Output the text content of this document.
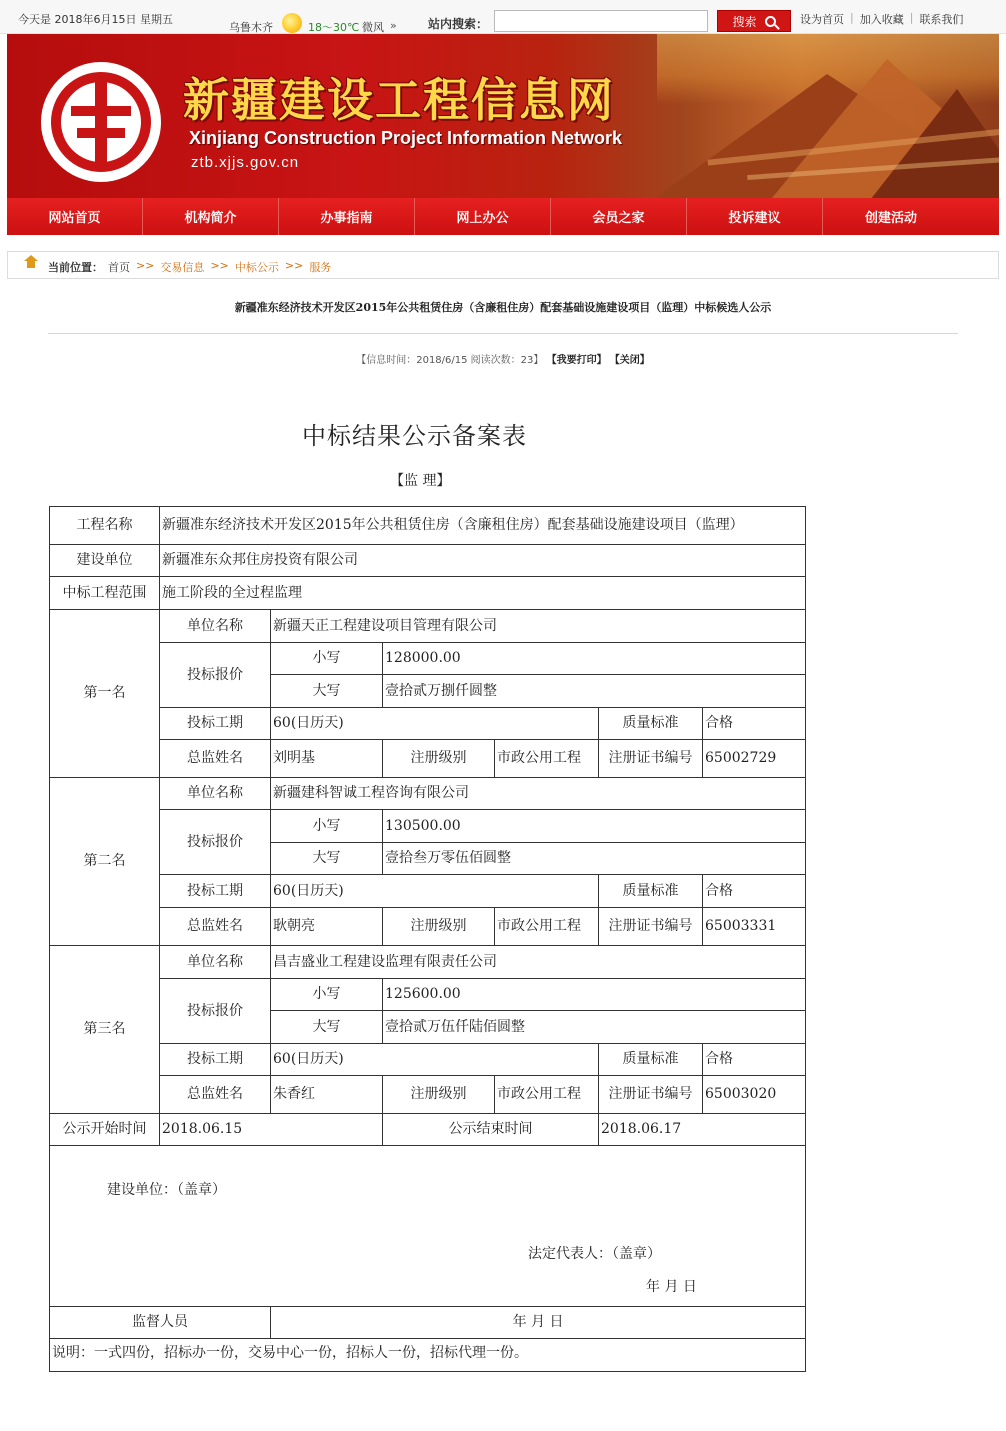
今天是 2018年6月15日 星期五
乌鲁木齐	18～30℃ 微风 »	站内搜索：	搜索	设为首页 | 加入收藏 | 联系我们
新疆建设工程信息网
Xinjiang Construction Project Information Network
ztb.xjjs.gov.cn
网站首页	机构简介	办事指南	网上办公	会员之家	投诉建议	创建活动
当前位置： 首页 >> 交易信息 >> 中标公示 >> 服务
新疆准东经济技术开发区2015年公共租赁住房（含廉租住房）配套基础设施建设项目（监理）中标候选人公示
【信息时间：2018/6/15 阅读次数：23】 【我要打印】 【关闭】
中标结果公示备案表
【监 理】
工程名称	新疆准东经济技术开发区2015年公共租赁住房（含廉租住房）配套基础设施建设项目（监理）					
建设单位	新疆准东众邦住房投资有限公司					
中标工程范围	施工阶段的全过程监理					
第一名	单位名称	新疆天正工程建设项目管理有限公司				
	投标报价	小写	128000.00			
		大写	壹拾贰万捌仟圆整			
	投标工期	60(日历天)			质量标准	合格
	总监姓名	刘明基	注册级别	市政公用工程	注册证书编号	65002729
第二名	单位名称	新疆建科智诚工程咨询有限公司				
	投标报价	小写	130500.00			
		大写	壹拾叁万零伍佰圆整			
	投标工期	60(日历天)			质量标准	合格
	总监姓名	耿朝亮	注册级别	市政公用工程	注册证书编号	65003331
第三名	单位名称	昌吉盛业工程建设监理有限责任公司				
	投标报价	小写	125600.00			
		大写	壹拾贰万伍仟陆佰圆整			
	投标工期	60(日历天)			质量标准	合格
	总监姓名	朱香红	注册级别	市政公用工程	注册证书编号	65003020
公示开始时间	2018.06.15		公示结束时间		2018.06.17	

建设单位：（盖章）
法定代表人：（盖章）
年 月 日						

监督人员		年 月 日				
说明：一式四份，招标办一份，交易中心一份，招标人一份，招标代理一份。						
